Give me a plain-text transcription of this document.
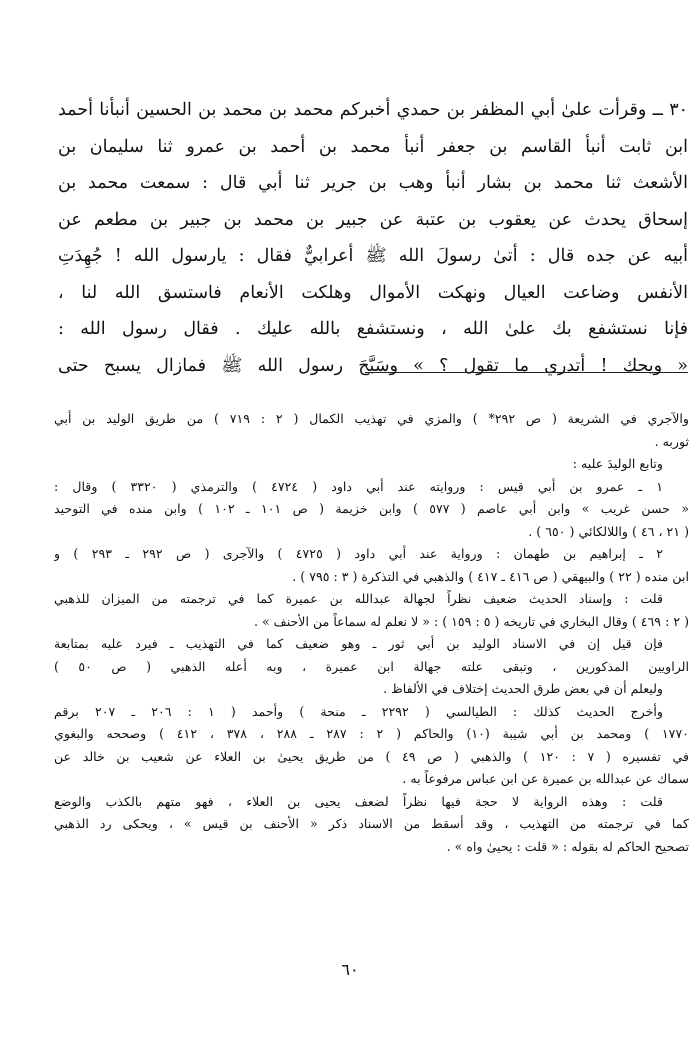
٣٠ ــ وقرأت علىٰ أبي المظفر بن حمدي أخبركم محمد بن محمد بن الحسين أنبأنا أحمد
ابن ثابت أنبأ القاسم بن جعفر أنبأ محمد بن أحمد بن عمرو ثنا سليمان بن
الأشعث ثنا محمد بن بشار أنبأ وهب بن جرير ثنا أبي قال : سمعت محمد بن
إسحاق يحدث عن يعقوب بن عتبة عن جبير بن محمد بن جبير بن مطعم عن
أبيه عن جده قال : أتىٰ رسولَ الله ﷺ أعرابيٌّ فقال : يارسول الله ! جُهِدَتِ
الأنفس وضاعت العيال ونهكت الأموال وهلكت الأنعام فاستسق الله لنا ،
فإنا نستشفع بك علىٰ الله ، ونستشفع بالله عليك . فقال رسول الله :
« ويحك ! أتدري ما تقول ؟ » وسَبَّحَ رسول الله ﷺ فمازال يسبح حتى
والآجري في الشريعة ( ص ٢٩٢* ) والمزي في تهذيب الكمال ( ٢ : ٧١٩ ) من طريق الوليد بن أبي
ثوربه .
وتابع الوليدَ عليه :
١ ـ عمرو بن أبي قيس : وروايته عند أبي داود ( ٤٧٢٤ ) والترمذي ( ٣٣٢٠ ) وقال :
« حسن غريب » وابن أبي عاصم ( ٥٧٧ ) وابن خزيمة ( ص ١٠١ ـ ١٠٢ ) وابن منده في التوحيد
( ٢١ ، ٤٦ ) واللالكائي ( ٦٥٠ ) .
٢ ـ إبراهيم بن طهمان : ورواية عند أبي داود ( ٤٧٢٥ ) والآجرى ( ص ٢٩٢ ـ ٢٩٣ ) و
ابن منده ( ٢٢ ) والبيهقي ( ص ٤١٦ ـ ٤١٧ ) والذهبي في التذكرة ( ٣ : ٧٩٥ ) .
قلت : وإسناد الحديث ضعيف نظراً لجهالة عبدالله بن عميرة كما في ترجمته من الميزان للذهبي
( ٢ : ٤٦٩ ) وقال البخاري في تاريخه ( ٥ : ١٥٩ ) : « لا نعلم له سماعاً من الأحنف » .
فإن قيل إن في الاسناد الوليد بن أبي ثور ـ وهو ضعيف كما في التهذيب ـ فيرد عليه بمتابعة
الراويين المذكورين ، وتبقى علته جهالة ابن عميرة ، وبه أعله الذهبي ( ص ٥٠ )
وليعلم أن في بعض طرق الحديث إختلاف في الألفاظ .
وأخرج الحديث كذلك : الطيالسي ( ٢٢٩٢ ـ منحة ) وأحمد ( ١ : ٢٠٦ ـ ٢٠٧ برقم
١٧٧٠ ) ومحمد بن أبي شيبة (١٠) والحاكم ( ٢ : ٢٨٧ ـ ٢٨٨ ، ٣٧٨ ، ٤١٢ ) وصححه والبغوي
في تفسيره ( ٧ : ١٢٠ ) والذهبي ( ص ٤٩ ) من طريق يحيىٰ بن العلاء عن شعيب بن خالد عن
سماك عن عبدالله بن عميرة عن ابن عباس مرفوعاً به .
قلت : وهذه الرواية لا حجة فيها نظراً لضعف يحيى بن العلاء ، فهو متهم بالكذب والوضع
كما في ترجمته من التهذيب ، وقد أسقط من الاسناد ذكر « الأحنف بن قيس » ، ويحكى رد الذهبي
تصحيح الحاكم له بقوله : « قلت : يحيىٰ واه » .
٦٠
